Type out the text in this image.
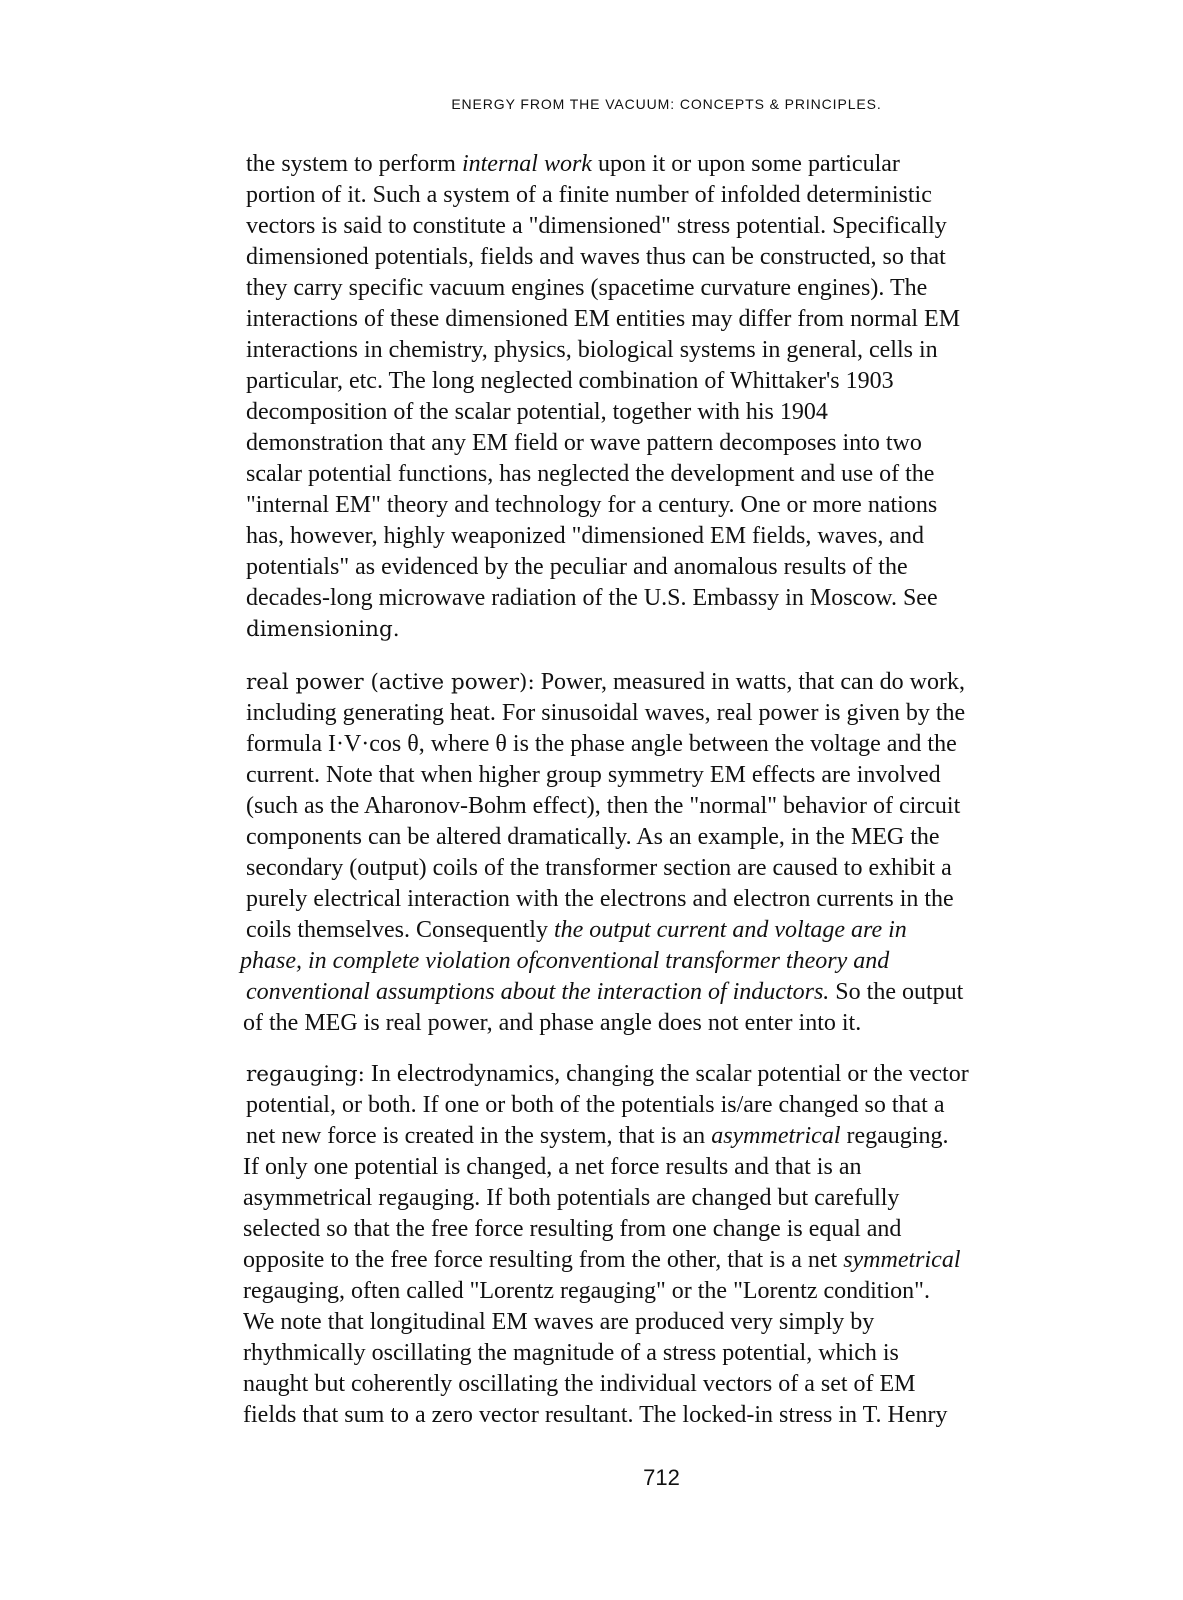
ENERGY FROM THE VACUUM: CONCEPTS & PRINCIPLES.
the system to perform internal work upon it or upon some particular
portion of it. Such a system of a finite number of infolded deterministic
vectors is said to constitute a "dimensioned" stress potential. Specifically
dimensioned potentials, fields and waves thus can be constructed, so that
they carry specific vacuum engines (spacetime curvature engines). The
interactions of these dimensioned EM entities may differ from normal EM
interactions in chemistry, physics, biological systems in general, cells in
particular, etc. The long neglected combination of Whittaker's 1903
decomposition of the scalar potential, together with his 1904
demonstration that any EM field or wave pattern decomposes into two
scalar potential functions, has neglected the development and use of the
"internal EM" theory and technology for a century. One or more nations
has, however, highly weaponized "dimensioned EM fields, waves, and
potentials" as evidenced by the peculiar and anomalous results of the
decades-long microwave radiation of the U.S. Embassy in Moscow. See
dimensioning.
real power (active power): Power, measured in watts, that can do work,
including generating heat. For sinusoidal waves, real power is given by the
formula I·V·cos θ, where θ is the phase angle between the voltage and the
current. Note that when higher group symmetry EM effects are involved
(such as the Aharonov-Bohm effect), then the "normal" behavior of circuit
components can be altered dramatically. As an example, in the MEG the
secondary (output) coils of the transformer section are caused to exhibit a
purely electrical interaction with the electrons and electron currents in the
coils themselves. Consequently the output current and voltage are in
phase, in complete violation ofconventional transformer theory and
conventional assumptions about the interaction of inductors. So the output
of the MEG is real power, and phase angle does not enter into it.
regauging: In electrodynamics, changing the scalar potential or the vector
potential, or both. If one or both of the potentials is/are changed so that a
net new force is created in the system, that is an asymmetrical regauging.
If only one potential is changed, a net force results and that is an
asymmetrical regauging. If both potentials are changed but carefully
selected so that the free force resulting from one change is equal and
opposite to the free force resulting from the other, that is a net symmetrical
regauging, often called "Lorentz regauging" or the "Lorentz condition".
We note that longitudinal EM waves are produced very simply by
rhythmically oscillating the magnitude of a stress potential, which is
naught but coherently oscillating the individual vectors of a set of EM
fields that sum to a zero vector resultant. The locked-in stress in T. Henry
712
